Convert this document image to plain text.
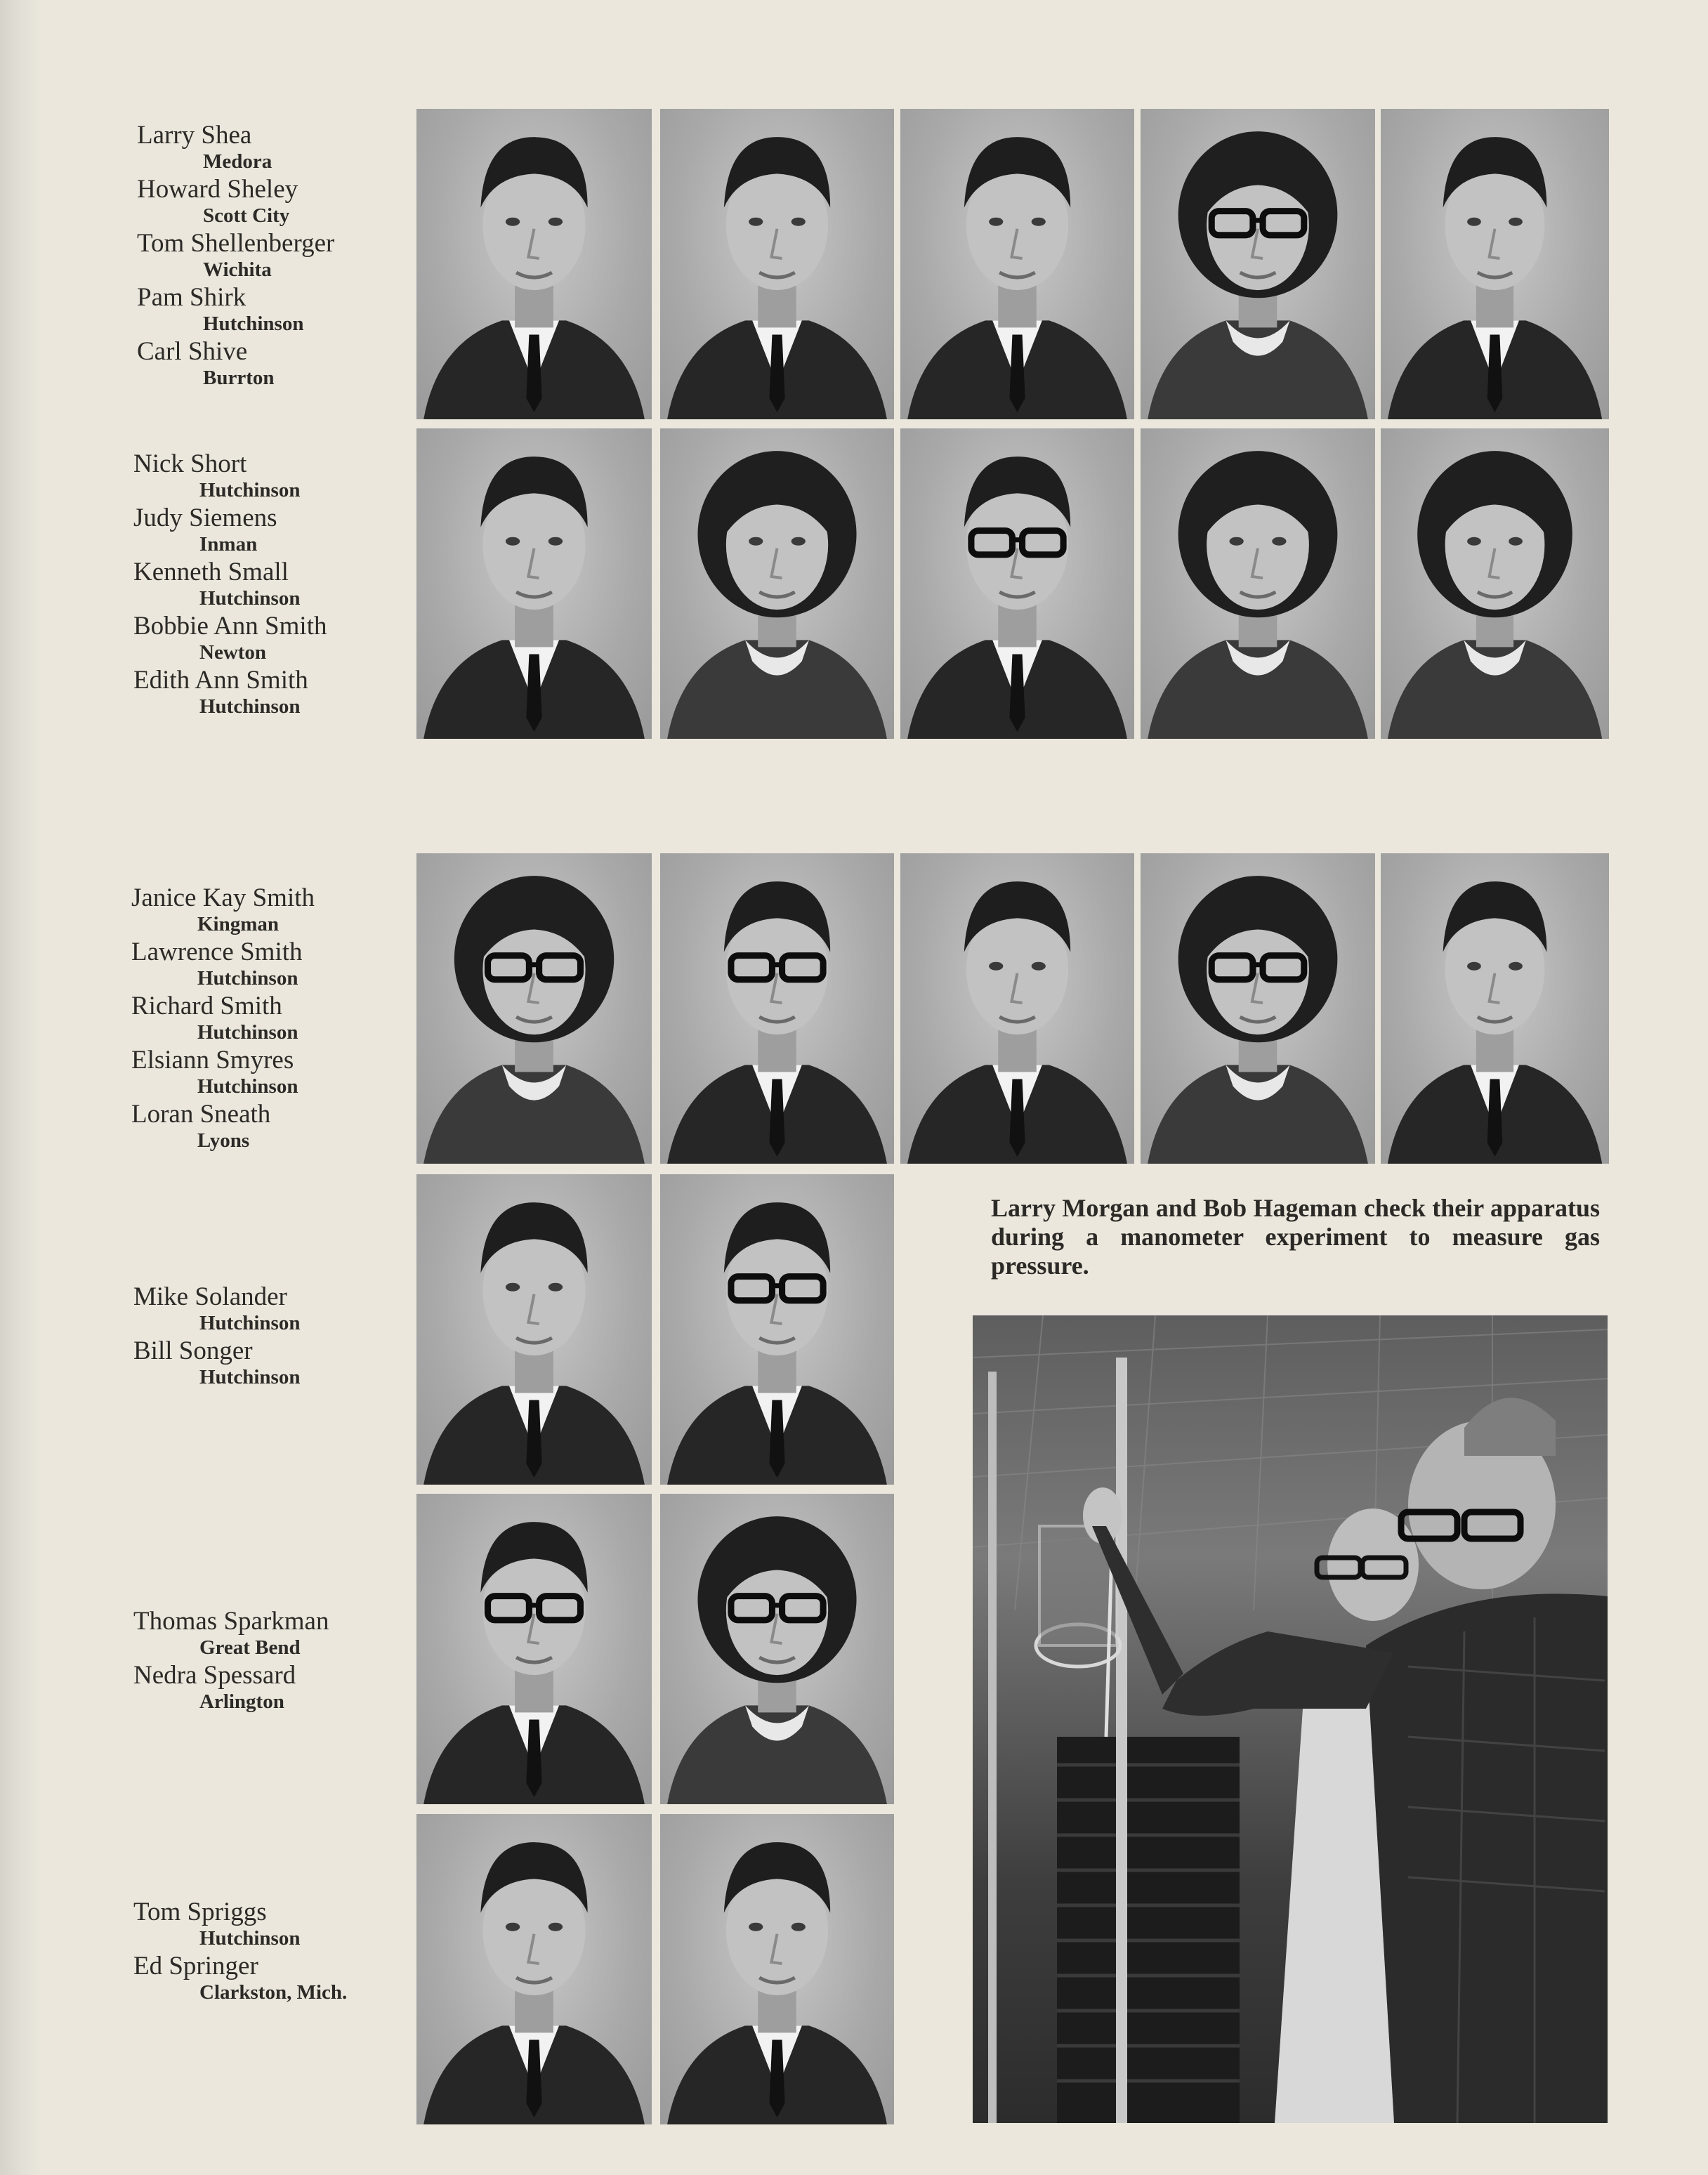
Larry Shea
Medora
Howard Sheley
Scott City
Tom Shellenberger
Wichita
Pam Shirk
Hutchinson
Carl Shive
Burrton
Nick Short
Hutchinson
Judy Siemens
Inman
Kenneth Small
Hutchinson
Bobbie Ann Smith
Newton
Edith Ann Smith
Hutchinson
Janice Kay Smith
Kingman
Lawrence Smith
Hutchinson
Richard Smith
Hutchinson
Elsiann Smyres
Hutchinson
Loran Sneath
Lyons
Mike Solander
Hutchinson
Bill Songer
Hutchinson
Thomas Sparkman
Great Bend
Nedra Spessard
Arlington
Tom Spriggs
Hutchinson
Ed Springer
Clarkston, Mich.
Larry Morgan and Bob Hageman check their apparatus during a manometer experiment to measure gas pressure.
